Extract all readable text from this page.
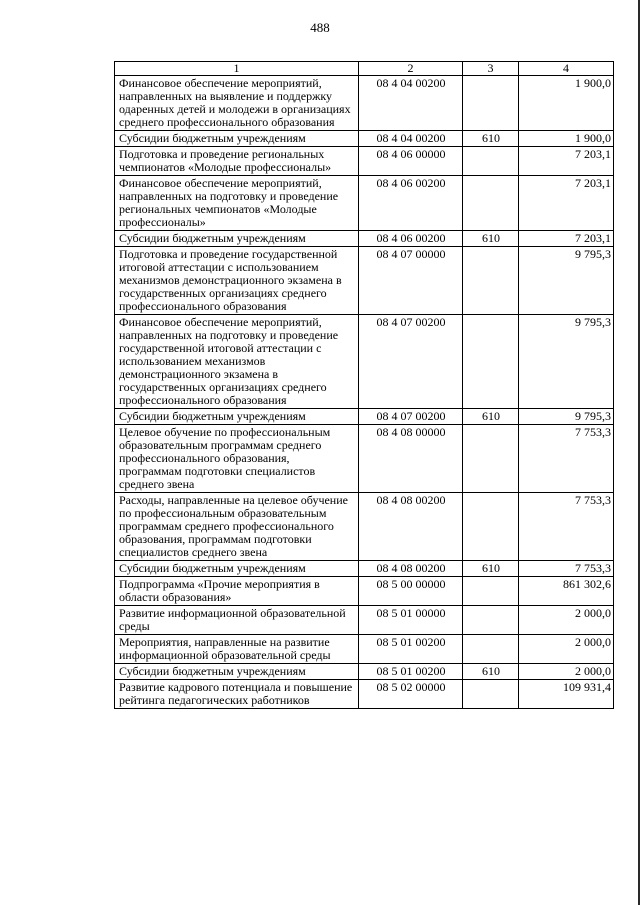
488
1	2	3	4
Финансовое обеспечение мероприятий, направленных на выявление и поддержку одаренных детей и молодежи в организациях среднего профессионального образования	08 4 04 00200		1 900,0
Субсидии бюджетным учреждениям	08 4 04 00200	610	1 900,0
Подготовка и проведение региональных чемпионатов «Молодые профессионалы»	08 4 06 00000		7 203,1
Финансовое обеспечение мероприятий, направленных на подготовку и проведение региональных чемпионатов «Молодые профессионалы»	08 4 06 00200		7 203,1
Субсидии бюджетным учреждениям	08 4 06 00200	610	7 203,1
Подготовка и проведение государственной итоговой аттестации с использованием механизмов демонстрационного экзамена в государственных организациях среднего профессионального образования	08 4 07 00000		9 795,3
Финансовое обеспечение мероприятий, направленных на подготовку и проведение государственной итоговой аттестации с использованием механизмов демонстрационного экзамена в государственных организациях среднего профессионального образования	08 4 07 00200		9 795,3
Субсидии бюджетным учреждениям	08 4 07 00200	610	9 795,3
Целевое обучение по профессиональным образовательным программам среднего профессионального образования, программам подготовки специалистов среднего звена	08 4 08 00000		7 753,3
Расходы, направленные на целевое обучение по профессиональным образовательным программам среднего профессионального образования, программам подготовки специалистов среднего звена	08 4 08 00200		7 753,3
Субсидии бюджетным учреждениям	08 4 08 00200	610	7 753,3
Подпрограмма «Прочие мероприятия в области образования»	08 5 00 00000		861 302,6
Развитие информационной образовательной среды	08 5 01 00000		2 000,0
Мероприятия, направленные на развитие информационной образовательной среды	08 5 01 00200		2 000,0
Субсидии бюджетным учреждениям	08 5 01 00200	610	2 000,0
Развитие кадрового потенциала и повышение рейтинга педагогических работников	08 5 02 00000		109 931,4
